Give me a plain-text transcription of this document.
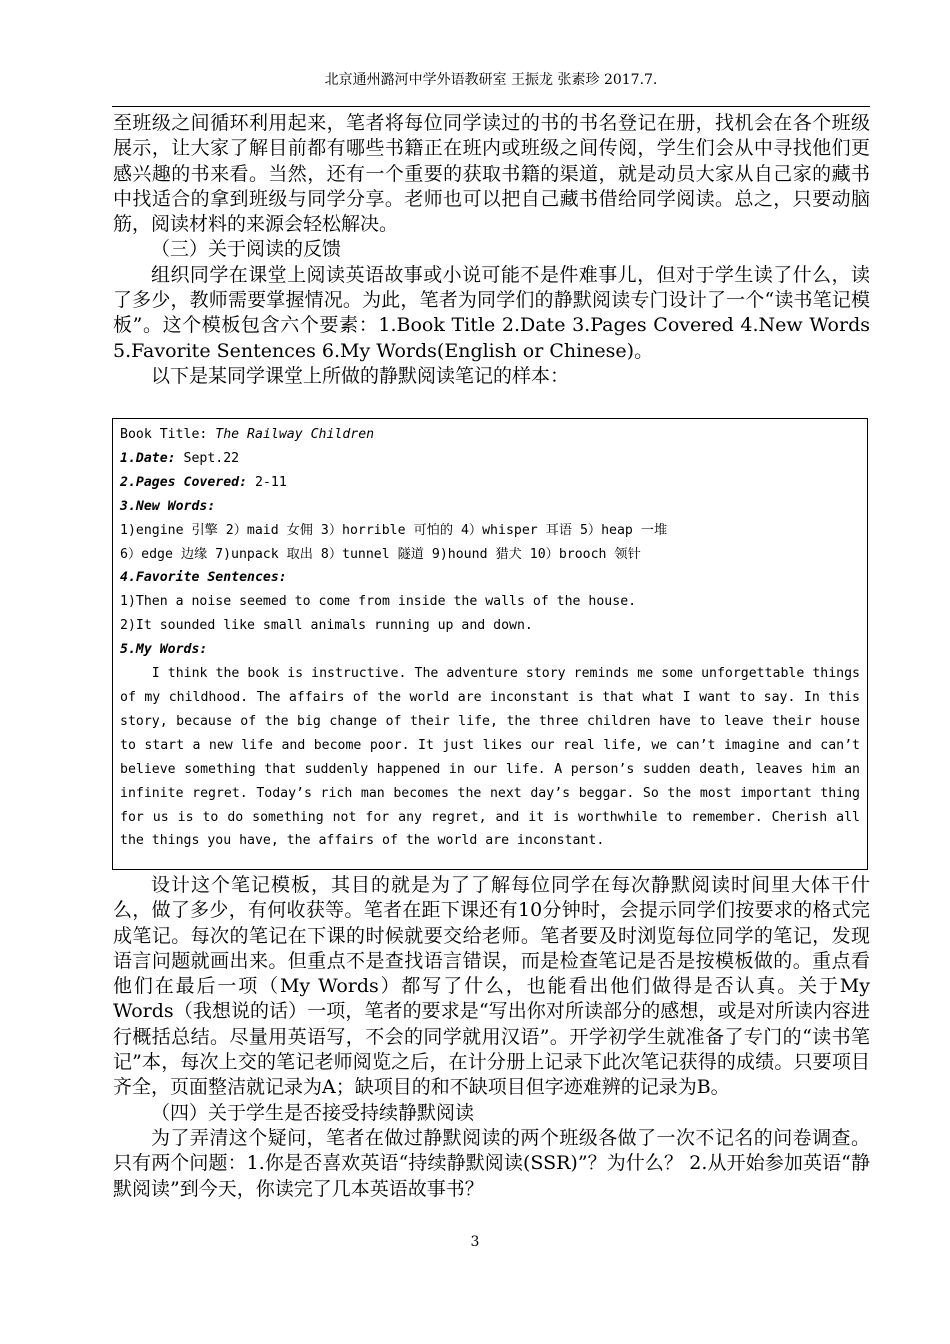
北京通州潞河中学外语教研室 王振龙 张素珍 2017.7.

至班级之间循环利用起来，笔者将每位同学读过的书的书名登记在册，找机会在各个班级展示，让大家了解目前都有哪些书籍正在班内或班级之间传阅，学生们会从中寻找他们更感兴趣的书来看。当然，还有一个重要的获取书籍的渠道，就是动员大家从自己家的藏书中找适合的拿到班级与同学分享。老师也可以把自己藏书借给同学阅读。总之，只要动脑筋，阅读材料的来源会轻松解决。

（三）关于阅读的反馈

组织同学在课堂上阅读英语故事或小说可能不是件难事儿，但对于学生读了什么，读了多少，教师需要掌握情况。为此，笔者为同学们的静默阅读专门设计了一个“读书笔记模板”。这个模板包含六个要素：1.Book Title 2.Date 3.Pages Covered 4.New Words 5.Favorite Sentences 6.My Words(English or Chinese)。

以下是某同学课堂上所做的静默阅读笔记的样本：

Book Title: The Railway Children
1.Date: Sept.22
2.Pages Covered: 2-11
3.New Words:
1)engine 引擎 2）maid 女佣 3）horrible 可怕的 4）whisper 耳语 5）heap 一堆
6）edge 边缘 7)unpack 取出 8）tunnel 隧道 9)hound 猎犬 10）brooch 领针
4.Favorite Sentences:
1)Then a noise seemed to come from inside the walls of the house.
2)It sounded like small animals running up and down.
5.My Words:
I think the book is instructive. The adventure story reminds me some unforgettable things of my childhood. The affairs of the world are inconstant is that what I want to say. In this story, because of the big change of their life, the three children have to leave their house to start a new life and become poor. It just likes our real life, we can’t imagine and can’t believe something that suddenly happened in our life. A person’s sudden death, leaves him an infinite regret. Today’s rich man becomes the next day’s beggar. So the most important thing for us is to do something not for any regret, and it is worthwhile to remember. Cherish all the things you have, the affairs of the world are inconstant.

设计这个笔记模板，其目的就是为了了解每位同学在每次静默阅读时间里大体干什么，做了多少，有何收获等。笔者在距下课还有10分钟时，会提示同学们按要求的格式完成笔记。每次的笔记在下课的时候就要交给老师。笔者要及时浏览每位同学的笔记，发现语言问题就画出来。但重点不是查找语言错误，而是检查笔记是否是按模板做的。重点看他们在最后一项（My Words）都写了什么，也能看出他们做得是否认真。关于My Words（我想说的话）一项，笔者的要求是“写出你对所读部分的感想，或是对所读内容进行概括总结。尽量用英语写，不会的同学就用汉语”。开学初学生就准备了专门的“读书笔记”本，每次上交的笔记老师阅览之后，在计分册上记录下此次笔记获得的成绩。只要项目齐全，页面整洁就记录为A；缺项目的和不缺项目但字迹难辨的记录为B。

（四）关于学生是否接受持续静默阅读

为了弄清这个疑问，笔者在做过静默阅读的两个班级各做了一次不记名的问卷调查。只有两个问题：1.你是否喜欢英语“持续静默阅读(SSR)”？为什么？ 2.从开始参加英语“静默阅读”到今天，你读完了几本英语故事书？

3
